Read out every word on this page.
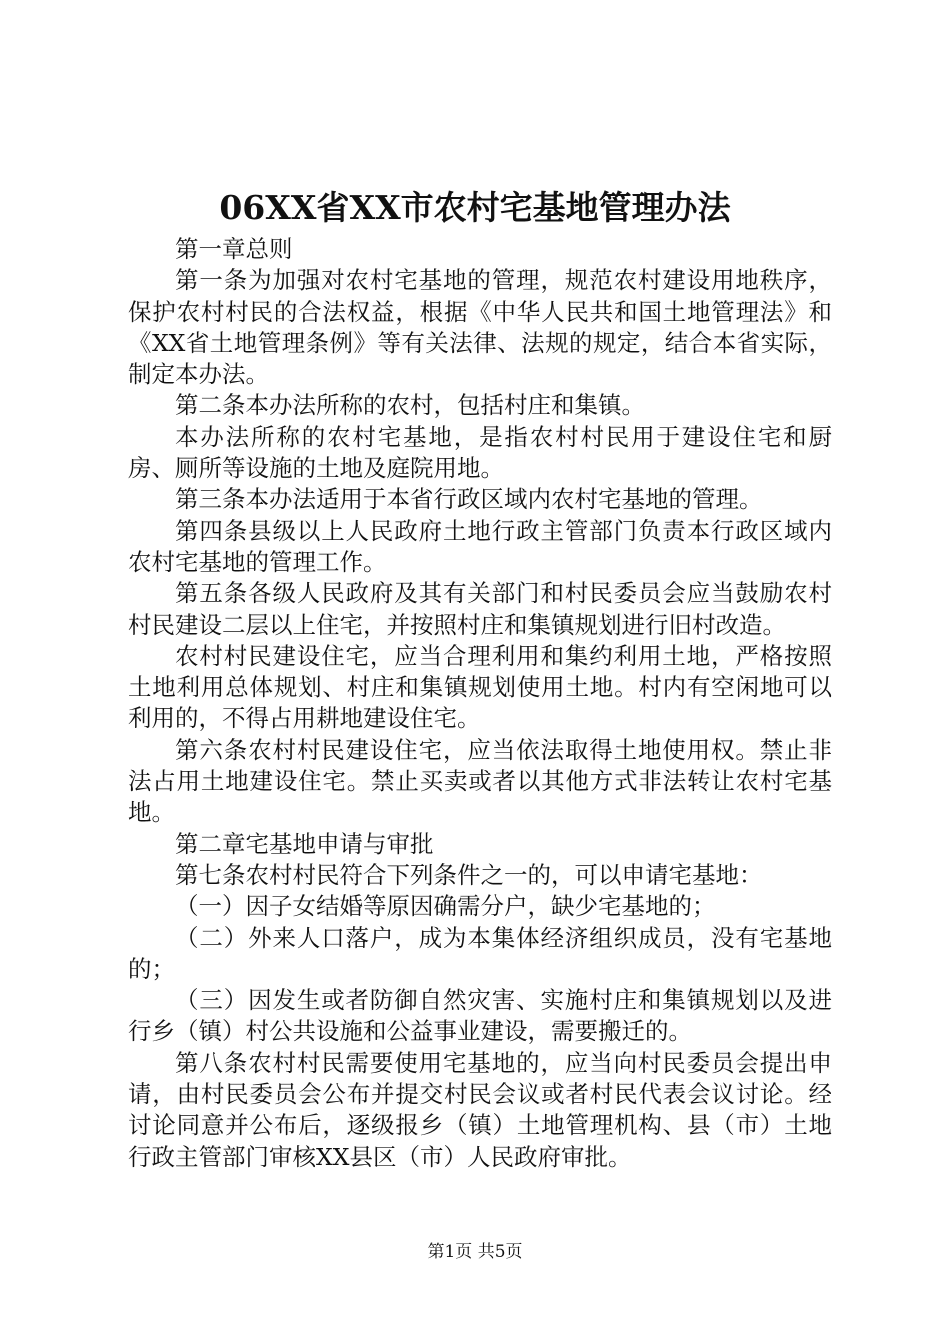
06XX省XX市农村宅基地管理办法

第一章总则

第一条为加强对农村宅基地的管理，规范农村建设用地秩序，保护农村村民的合法权益，根据《中华人民共和国土地管理法》和《XX省土地管理条例》等有关法律、法规的规定，结合本省实际，制定本办法。

第二条本办法所称的农村，包括村庄和集镇。

本办法所称的农村宅基地，是指农村村民用于建设住宅和厨房、厕所等设施的土地及庭院用地。

第三条本办法适用于本省行政区域内农村宅基地的管理。

第四条县级以上人民政府土地行政主管部门负责本行政区域内农村宅基地的管理工作。

第五条各级人民政府及其有关部门和村民委员会应当鼓励农村村民建设二层以上住宅，并按照村庄和集镇规划进行旧村改造。

农村村民建设住宅，应当合理利用和集约利用土地，严格按照土地利用总体规划、村庄和集镇规划使用土地。村内有空闲地可以利用的，不得占用耕地建设住宅。

第六条农村村民建设住宅，应当依法取得土地使用权。禁止非法占用土地建设住宅。禁止买卖或者以其他方式非法转让农村宅基地。

第二章宅基地申请与审批

第七条农村村民符合下列条件之一的，可以申请宅基地：

（一）因子女结婚等原因确需分户，缺少宅基地的；

（二）外来人口落户，成为本集体经济组织成员，没有宅基地的；

（三）因发生或者防御自然灾害、实施村庄和集镇规划以及进行乡（镇）村公共设施和公益事业建设，需要搬迁的。

第八条农村村民需要使用宅基地的，应当向村民委员会提出申请，由村民委员会公布并提交村民会议或者村民代表会议讨论。经讨论同意并公布后，逐级报乡（镇）土地管理机构、县（市）土地行政主管部门审核XX县区（市）人民政府审批。

第1页 共5页
